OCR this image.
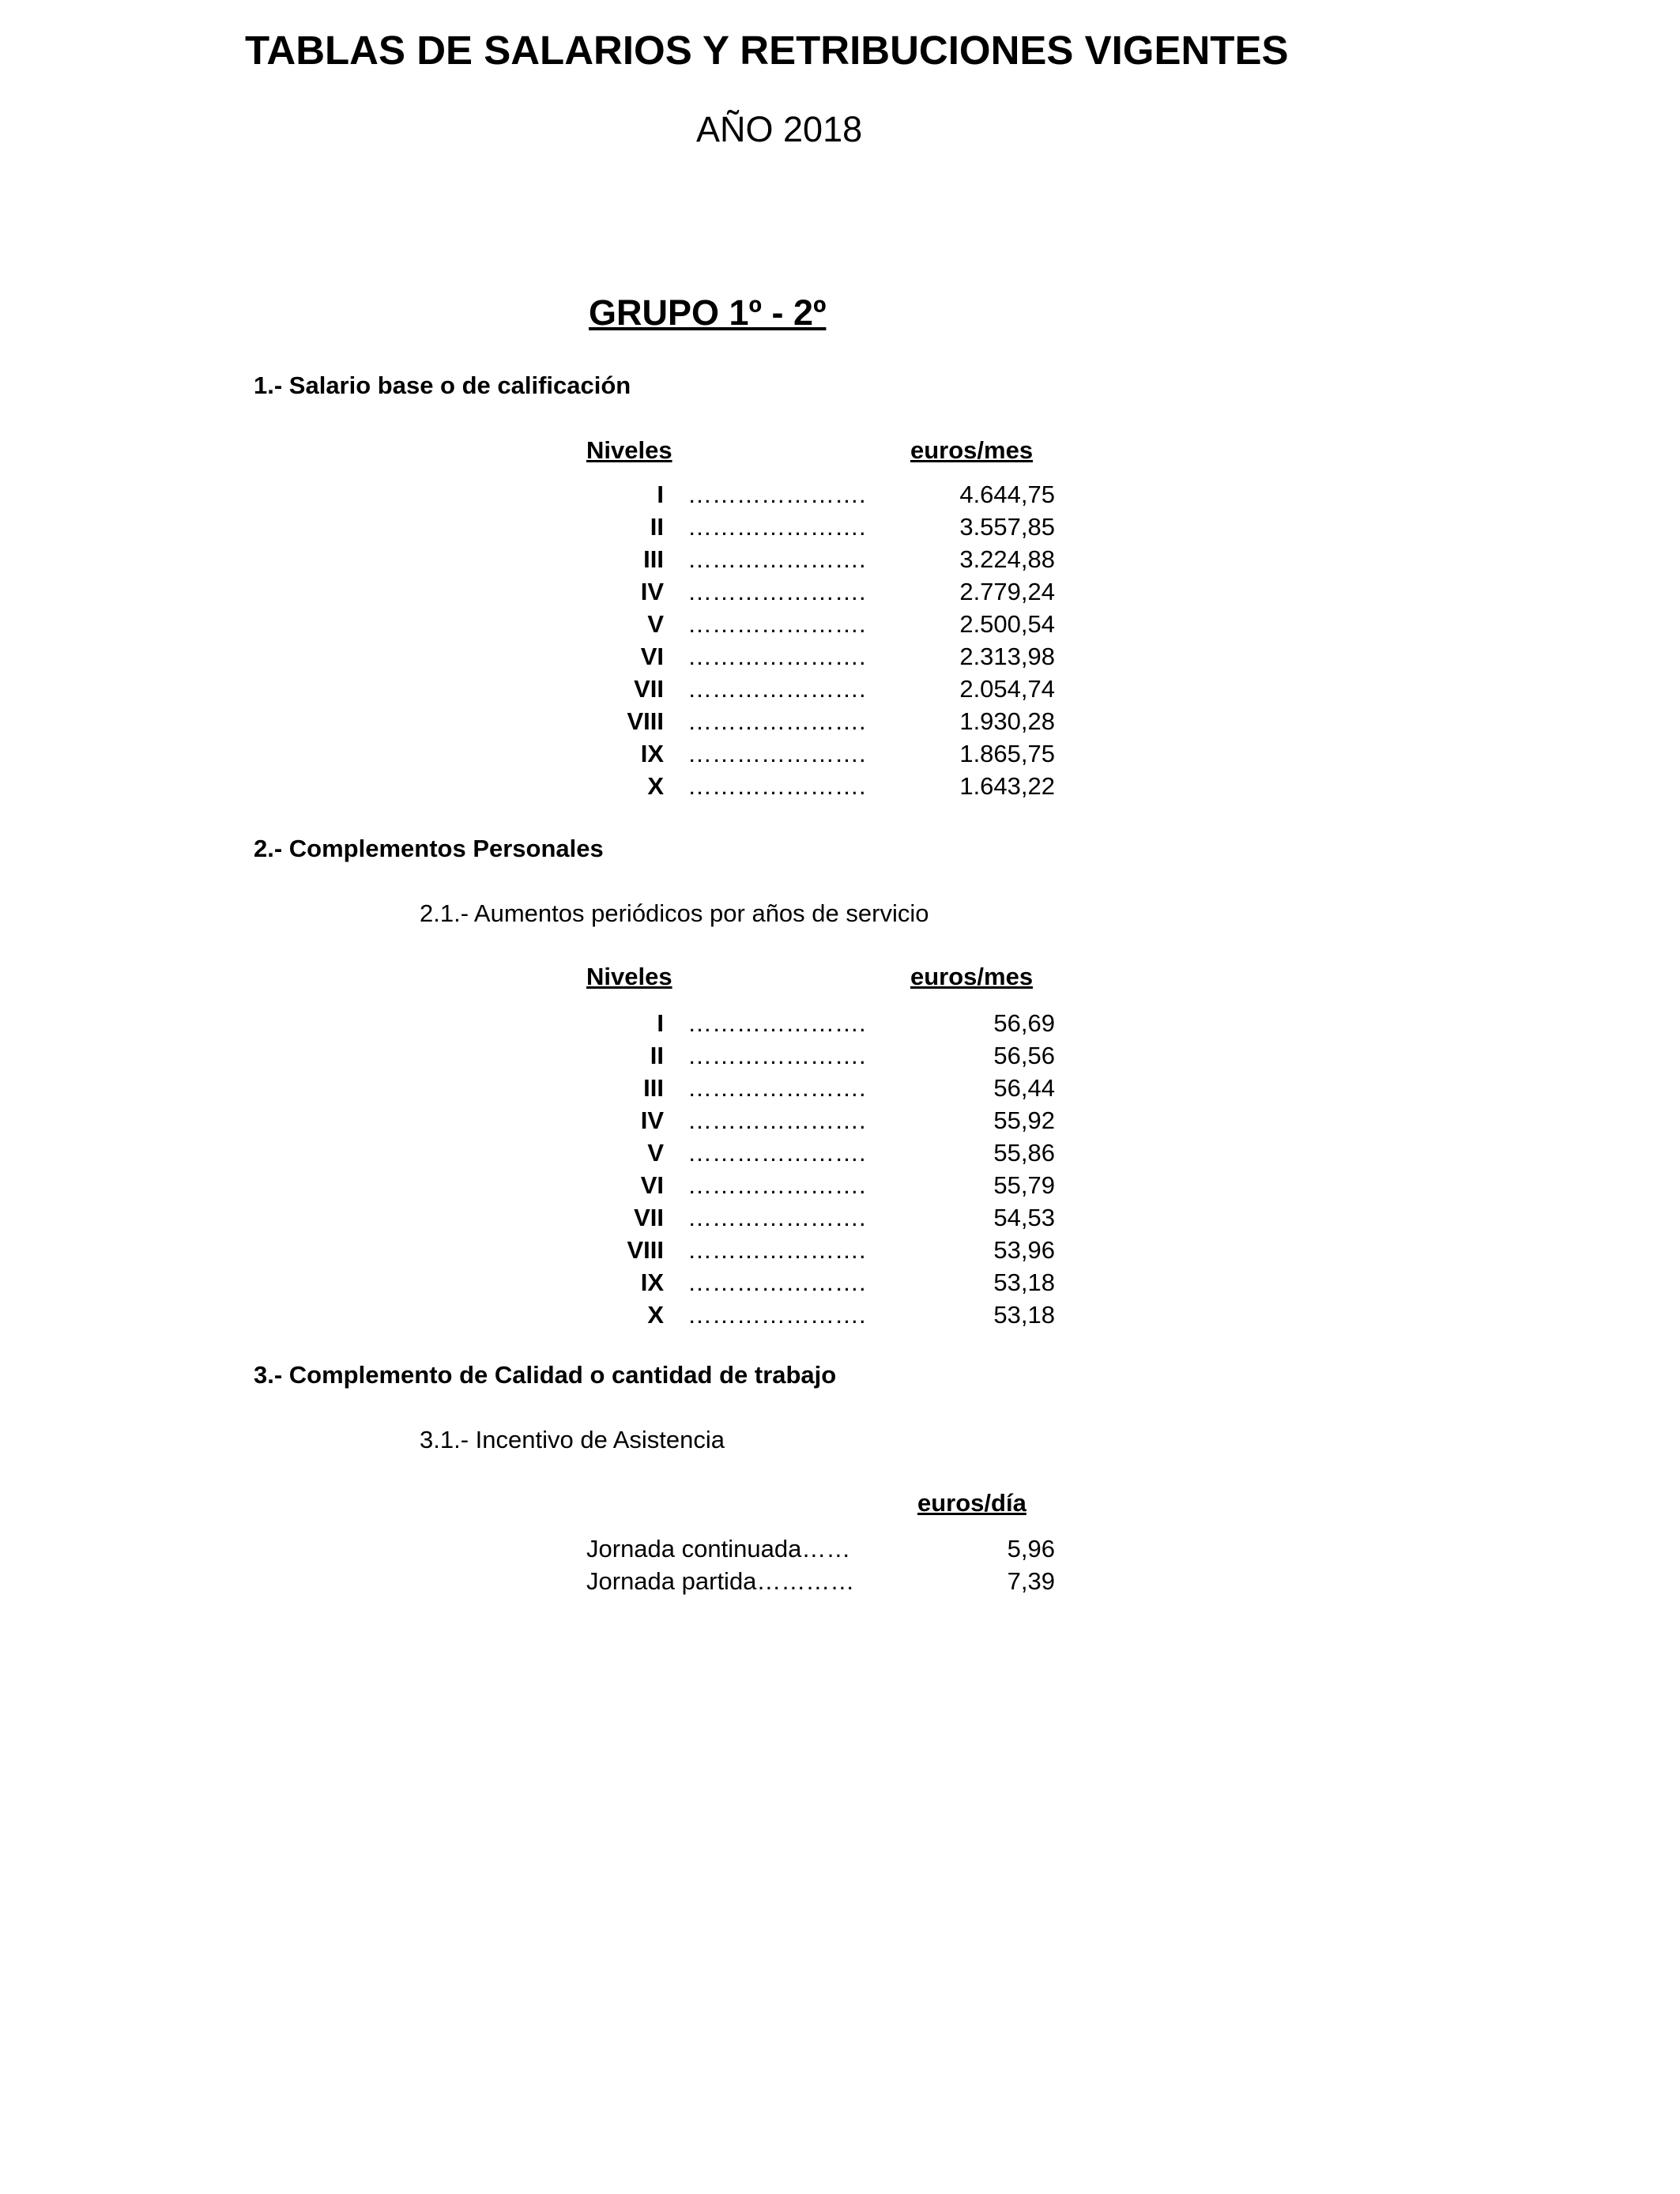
TABLAS DE SALARIOS Y RETRIBUCIONES VIGENTES
AÑO 2018
GRUPO 1º - 2º
1.- Salario base o de calificación
Niveles	euros/mes
I ………………….	4.644,75
II ………………….	3.557,85
III ………………….	3.224,88
IV ………………….	2.779,24
V ………………….	2.500,54
VI ………………….	2.313,98
VII ………………….	2.054,74
VIII ………………….	1.930,28
IX ………………….	1.865,75
X ………………….	1.643,22
2.- Complementos Personales
2.1.- Aumentos periódicos por años de servicio
Niveles	euros/mes
I ………………….	56,69
II ………………….	56,56
III ………………….	56,44
IV ………………….	55,92
V ………………….	55,86
VI ………………….	55,79
VII ………………….	54,53
VIII ………………….	53,96
IX ………………….	53,18
X ………………….	53,18
3.- Complemento de Calidad o cantidad de trabajo
3.1.- Incentivo de Asistencia
euros/día
Jornada continuada……	5,96
Jornada partida…………	7,39
